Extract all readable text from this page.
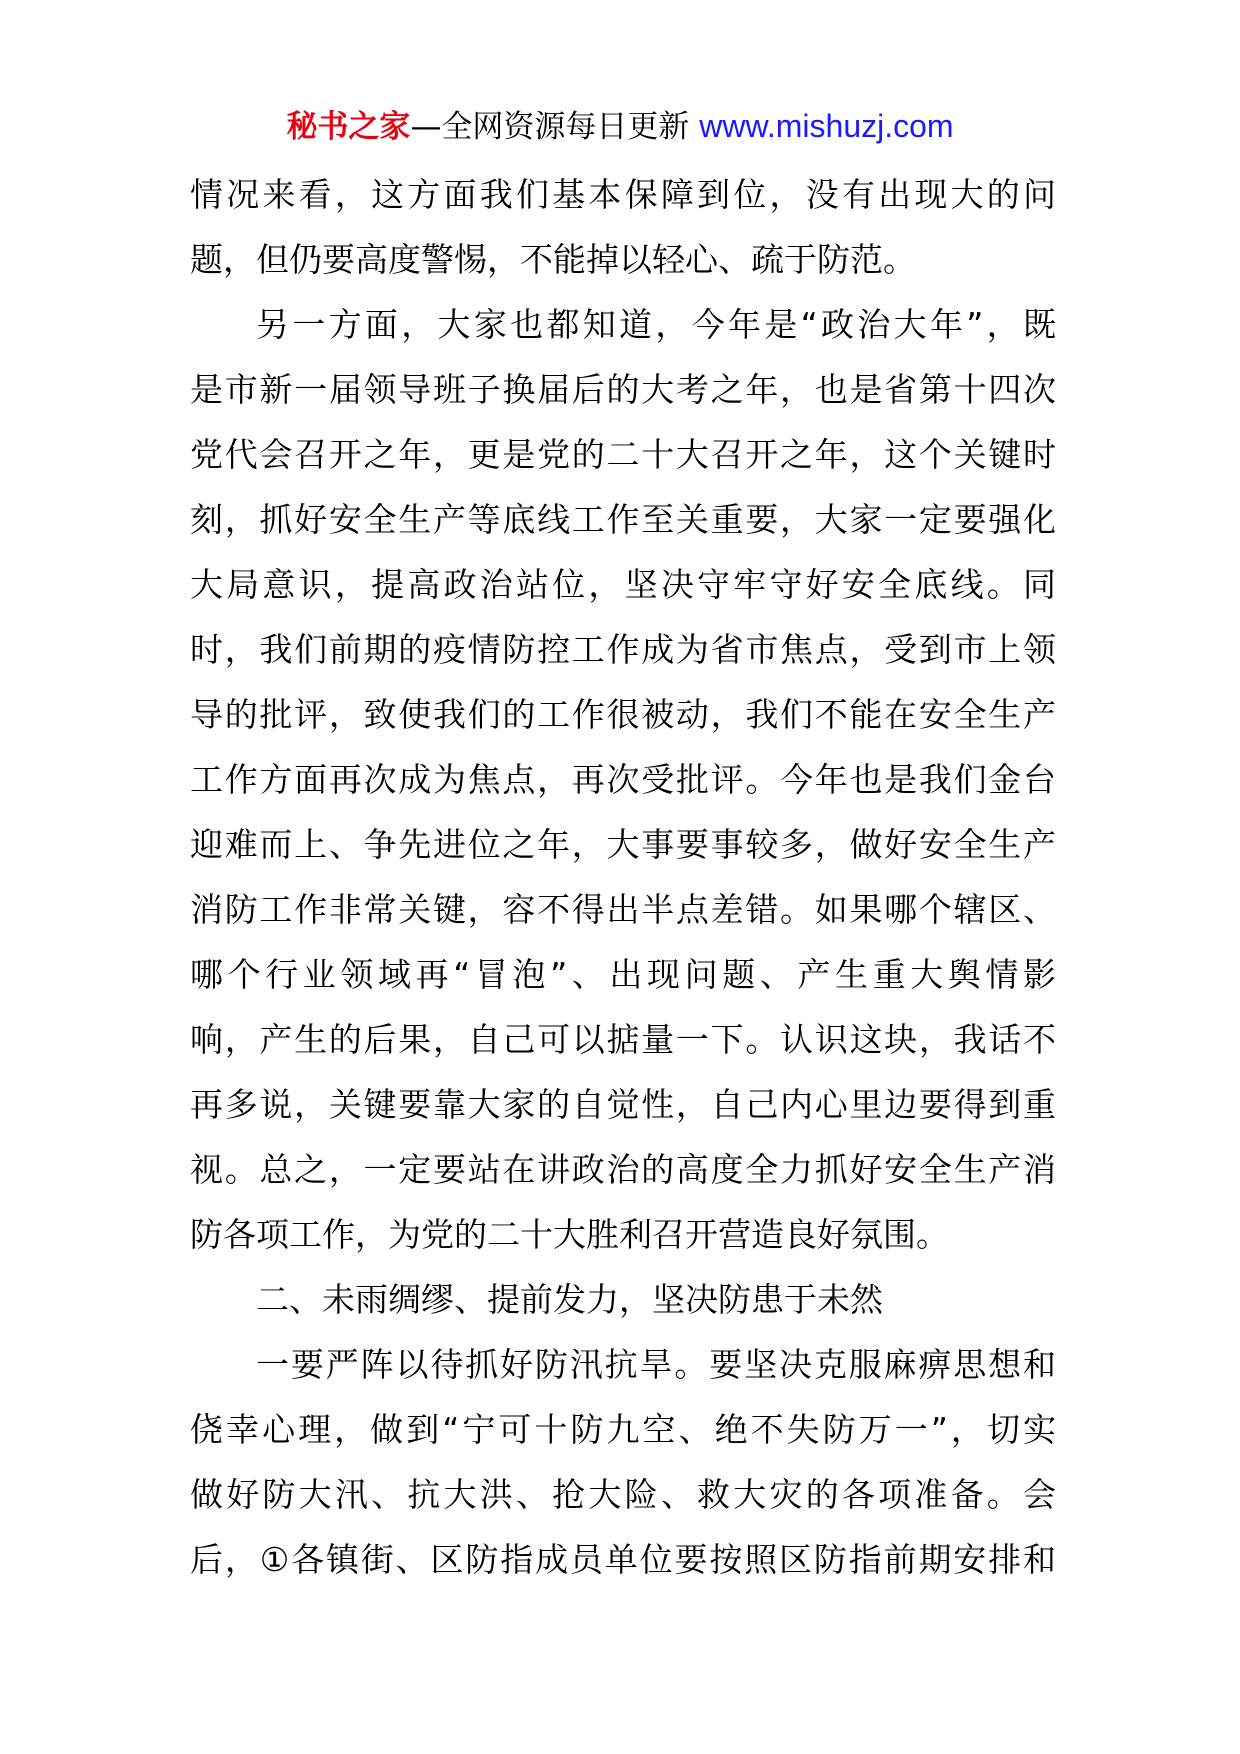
秘书之家—全网资源每日更新 www.mishuzj.com
情况来看，这方面我们基本保障到位，没有出现大的问
题，但仍要高度警惕，不能掉以轻心、疏于防范。
另一方面，大家也都知道，今年是“政治大年”，既
是市新一届领导班子换届后的大考之年，也是省第十四次
党代会召开之年，更是党的二十大召开之年，这个关键时
刻，抓好安全生产等底线工作至关重要，大家一定要强化
大局意识，提高政治站位，坚决守牢守好安全底线。同
时，我们前期的疫情防控工作成为省市焦点，受到市上领
导的批评，致使我们的工作很被动，我们不能在安全生产
工作方面再次成为焦点，再次受批评。今年也是我们金台
迎难而上、争先进位之年，大事要事较多，做好安全生产
消防工作非常关键，容不得出半点差错。如果哪个辖区、
哪个行业领域再“冒泡”、出现问题、产生重大舆情影
响，产生的后果，自己可以掂量一下。认识这块，我话不
再多说，关键要靠大家的自觉性，自己内心里边要得到重
视。总之，一定要站在讲政治的高度全力抓好安全生产消
防各项工作，为党的二十大胜利召开营造良好氛围。
二、未雨绸缪、提前发力，坚决防患于未然
一要严阵以待抓好防汛抗旱。要坚决克服麻痹思想和
侥幸心理，做到“宁可十防九空、绝不失防万一”，切实
做好防大汛、抗大洪、抢大险、救大灾的各项准备。会
后，①各镇街、区防指成员单位要按照区防指前期安排和
